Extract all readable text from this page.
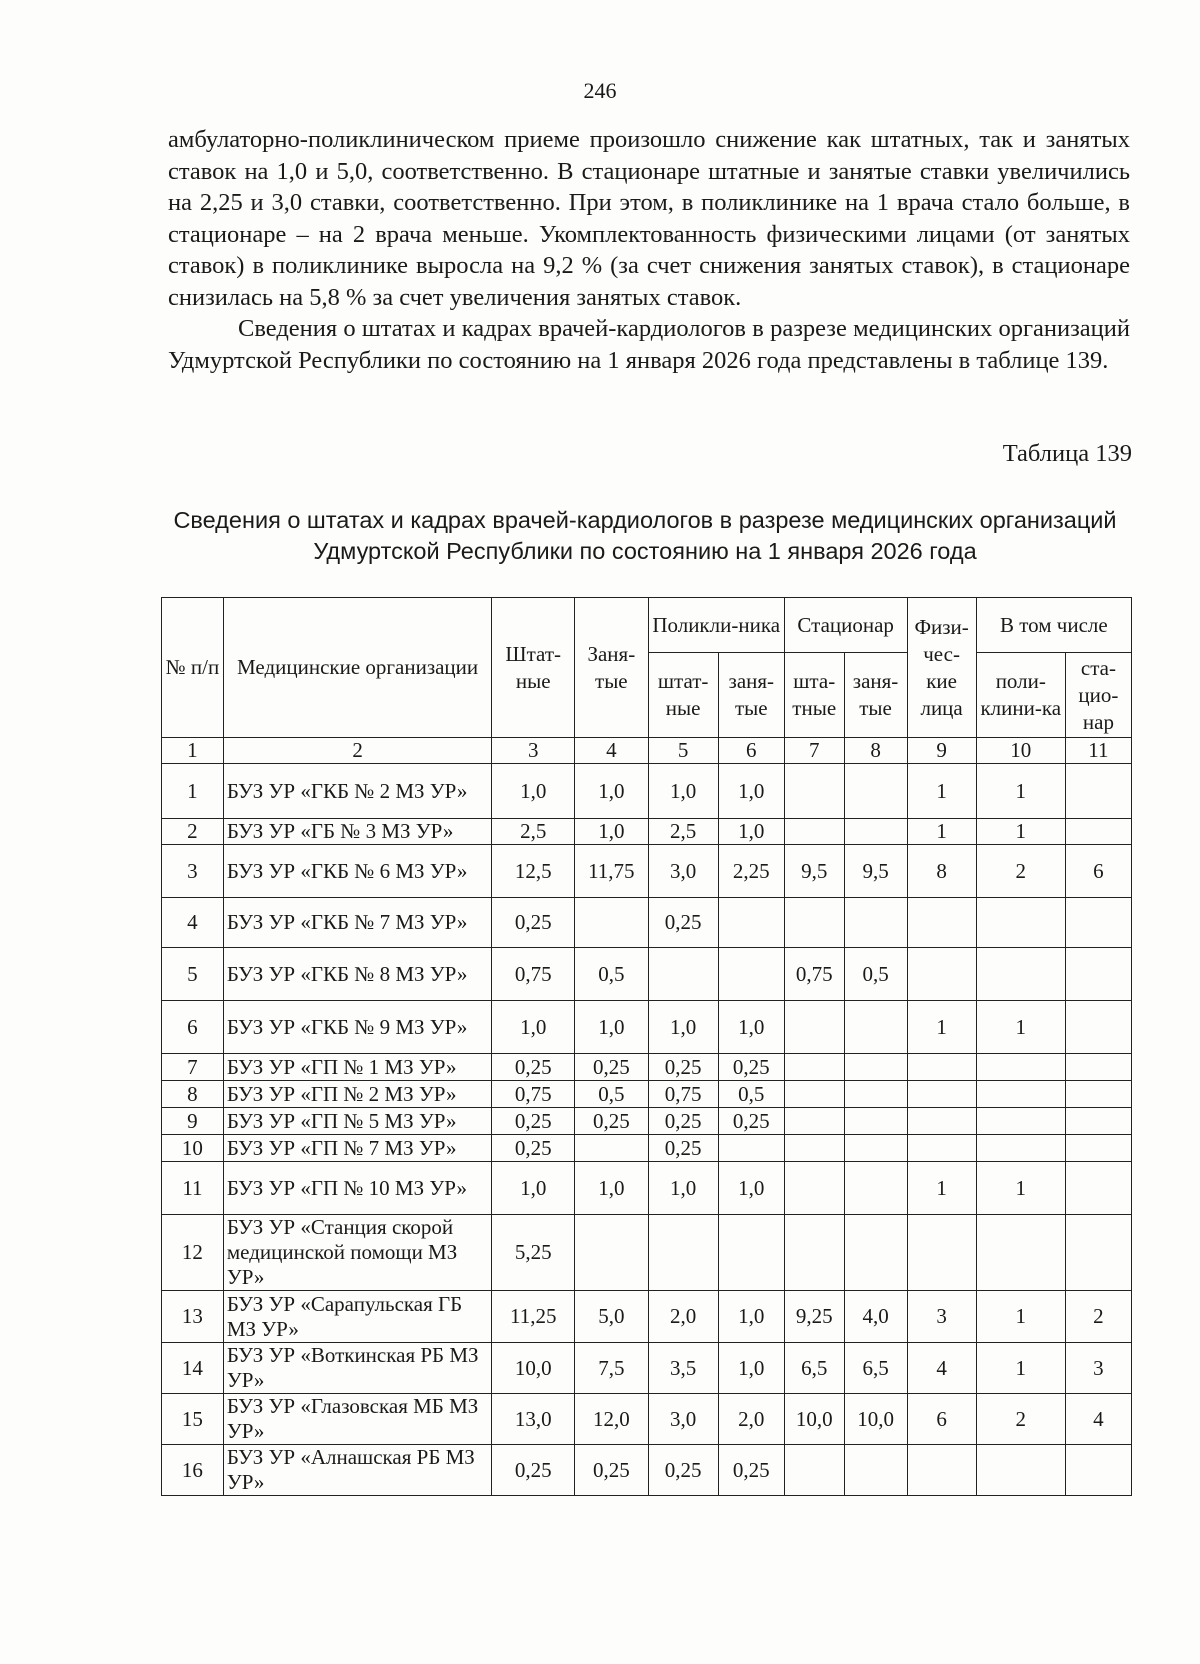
246

амбулаторно-поликлиническом приеме произошло снижение как штатных, так и занятых ставок на 1,0 и 5,0, соответственно. В стационаре штатные и занятые ставки увеличились на 2,25 и 3,0 ставки, соответственно. При этом, в поликлинике на 1 врача стало больше, в стационаре – на 2 врача меньше. Укомплектованность физическими лицами (от занятых ставок) в поликлинике выросла на 9,2 % (за счет снижения занятых ставок), в стационаре снизилась на 5,8 % за счет увеличения занятых ставок.

Сведения о штатах и кадрах врачей-кардиологов в разрезе медицинских организаций Удмуртской Республики по состоянию на 1 января 2026 года представлены в таблице 139.

Таблица 139
Сведения о штатах и кадрах врачей-кардиологов в разрезе медицинских организаций Удмуртской Республики по состоянию на 1 января 2026 года
№ п/п	Медицинские организации	Штат-ные	Заня-тые	Поликли-ника		Стационар		Физи-чес-кие лица	В том числе	
				штат-ные	заня-тые	шта-тные	заня-тые		поли-клини-ка	ста-цио-нар
1	2	3	4	5	6	7	8	9	10	11
1	БУЗ УР «ГКБ № 2 МЗ УР»	1,0	1,0	1,0	1,0			1	1	
2	БУЗ УР «ГБ № 3 МЗ УР»	2,5	1,0	2,5	1,0			1	1	
3	БУЗ УР «ГКБ № 6 МЗ УР»	12,5	11,75	3,0	2,25	9,5	9,5	8	2	6
4	БУЗ УР «ГКБ № 7 МЗ УР»	0,25		0,25						
5	БУЗ УР «ГКБ № 8 МЗ УР»	0,75	0,5			0,75	0,5			
6	БУЗ УР «ГКБ № 9 МЗ УР»	1,0	1,0	1,0	1,0			1	1	
7	БУЗ УР «ГП № 1 МЗ УР»	0,25	0,25	0,25	0,25					
8	БУЗ УР «ГП № 2 МЗ УР»	0,75	0,5	0,75	0,5					
9	БУЗ УР «ГП № 5 МЗ УР»	0,25	0,25	0,25	0,25					
10	БУЗ УР «ГП № 7 МЗ УР»	0,25		0,25						
11	БУЗ УР «ГП № 10 МЗ УР»	1,0	1,0	1,0	1,0			1	1	
12	БУЗ УР «Станция скорой медицинской помощи МЗ УР»	5,25								
13	БУЗ УР «Сарапульская ГБ МЗ УР»	11,25	5,0	2,0	1,0	9,25	4,0	3	1	2
14	БУЗ УР «Воткинская РБ МЗ УР»	10,0	7,5	3,5	1,0	6,5	6,5	4	1	3
15	БУЗ УР «Глазовская МБ МЗ УР»	13,0	12,0	3,0	2,0	10,0	10,0	6	2	4
16	БУЗ УР «Алнашская РБ МЗ УР»	0,25	0,25	0,25	0,25					
